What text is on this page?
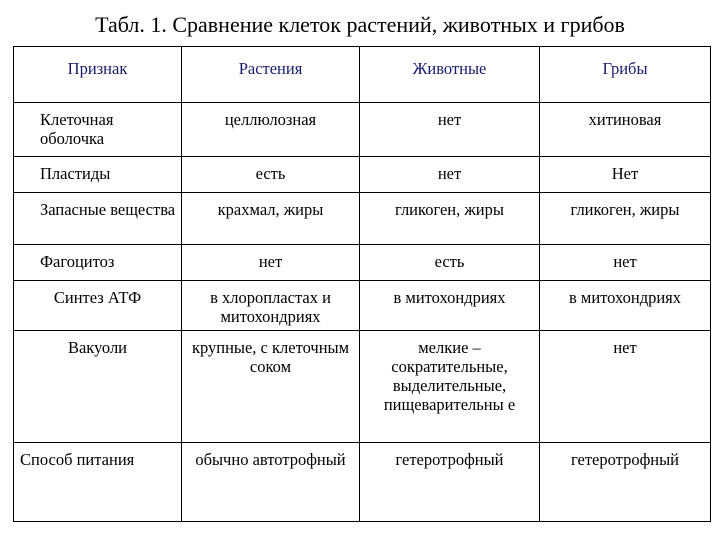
Табл. 1. Сравнение клеток растений, животных и грибов
Признак	Растения	Животные	Грибы
Клеточная оболочка	целлюлозная	нет	хитиновая
Пластиды	есть	нет	Нет
Запасные вещества	крахмал, жиры	гликоген, жиры	гликоген, жиры
Фагоцитоз	нет	есть	нет
Синтез АТФ	в хлоропластах и митохондриях	в митохондриях	в митохондриях
Вакуоли	крупные, с клеточным соком	мелкие – сократительные, выделительные, пищеварительны е	нет
Способ питания	обычно автотрофный	гетеротрофный	гетеротрофный
